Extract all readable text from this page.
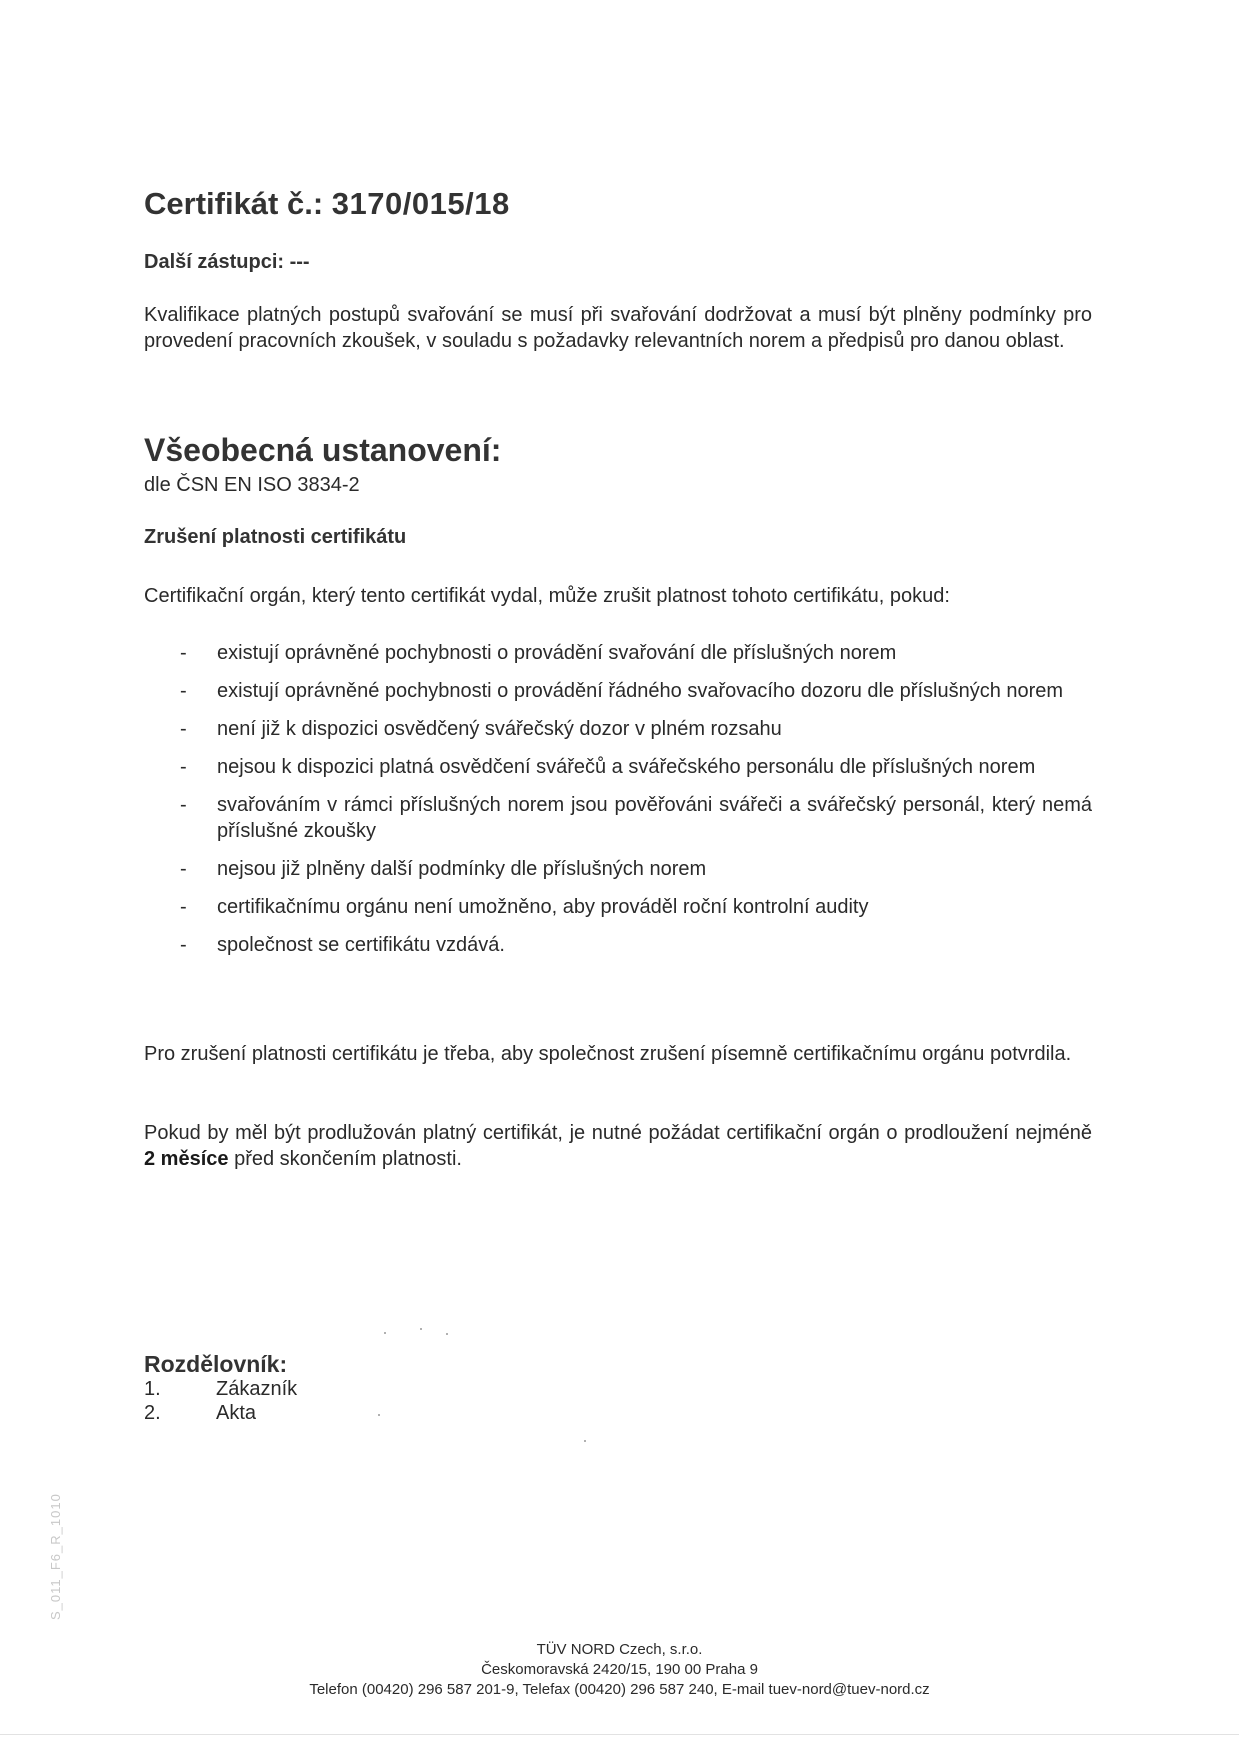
Certifikát č.: 3170/015/18
Další zástupci: ---
Kvalifikace platných postupů svařování se musí při svařování dodržovat a musí být plněny podmínky pro provedení pracovních zkoušek, v souladu s požadavky relevantních norem a předpisů pro danou oblast.
Všeobecná ustanovení:
dle ČSN EN ISO 3834-2
Zrušení platnosti certifikátu
Certifikační orgán, který tento certifikát vydal, může zrušit platnost tohoto certifikátu, pokud:
- existují oprávněné pochybnosti o provádění svařování dle příslušných norem
- existují oprávněné pochybnosti o provádění řádného svařovacího dozoru dle příslušných norem
- není již k dispozici osvědčený svářečský dozor v plném rozsahu
- nejsou k dispozici platná osvědčení svářečů a svářečského personálu dle příslušných norem
- svařováním v rámci příslušných norem jsou pověřováni svářeči a svářečský personál, který nemá příslušné zkoušky
- nejsou již plněny další podmínky dle příslušných norem
- certifikačnímu orgánu není umožněno, aby prováděl roční kontrolní audity
- společnost se certifikátu vzdává.
Pro zrušení platnosti certifikátu je třeba, aby společnost zrušení písemně certifikačnímu orgánu potvrdila.
Pokud by měl být prodlužován platný certifikát, je nutné požádat certifikační orgán o prodloužení nejméně 2 měsíce před skončením platnosti.
Rozdělovník:
1.	Zákazník
2.	Akta
S_011_F6_R_1010
TÜV NORD Czech, s.r.o.
Českomoravská 2420/15, 190 00 Praha 9
Telefon (00420) 296 587 201-9, Telefax (00420) 296 587 240, E-mail tuev-nord@tuev-nord.cz
